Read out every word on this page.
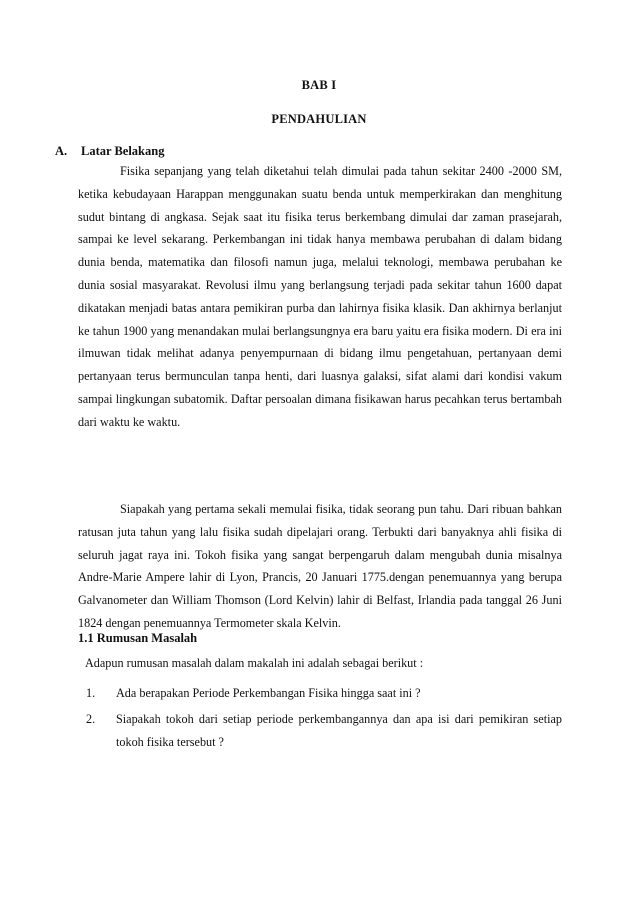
BAB I
PENDAHULIAN
A. Latar Belakang

Fisika sepanjang yang telah diketahui telah dimulai pada tahun sekitar 2400 -2000 SM, ketika kebudayaan Harappan menggunakan suatu benda untuk memperkirakan dan menghitung sudut bintang di angkasa. Sejak saat itu fisika terus berkembang dimulai dar zaman prasejarah, sampai ke level sekarang. Perkembangan ini tidak hanya membawa perubahan di dalam bidang dunia benda, matematika dan filosofi namun juga, melalui teknologi, membawa perubahan ke dunia sosial masyarakat. Revolusi ilmu yang berlangsung terjadi pada sekitar tahun 1600 dapat dikatakan menjadi batas antara pemikiran purba dan lahirnya fisika klasik. Dan akhirnya berlanjut ke tahun 1900 yang menandakan mulai berlangsungnya era baru yaitu era fisika modern. Di era ini ilmuwan tidak melihat adanya penyempurnaan di bidang ilmu pengetahuan, pertanyaan demi pertanyaan terus bermunculan tanpa henti, dari luasnya galaksi, sifat alami dari kondisi vakum sampai lingkungan subatomik. Daftar persoalan dimana fisikawan harus pecahkan terus bertambah dari waktu ke waktu.

Siapakah yang pertama sekali memulai fisika, tidak seorang pun tahu. Dari ribuan bahkan ratusan juta tahun yang lalu fisika sudah dipelajari orang. Terbukti dari banyaknya ahli fisika di seluruh jagat raya ini. Tokoh fisika yang sangat berpengaruh dalam mengubah dunia misalnya Andre-Marie Ampere lahir di Lyon, Prancis, 20 Januari 1775.dengan penemuannya yang berupa Galvanometer dan William Thomson (Lord Kelvin) lahir di Belfast, Irlandia pada tanggal 26 Juni 1824 dengan penemuannya Termometer skala Kelvin.

1.1 Rumusan Masalah
Adapun rumusan masalah dalam makalah ini adalah sebagai berikut :
1.	Ada berapakan Periode Perkembangan Fisika hingga saat ini ?
2.	Siapakah tokoh dari setiap periode perkembangannya dan apa isi dari pemikiran setiap tokoh fisika tersebut ?
